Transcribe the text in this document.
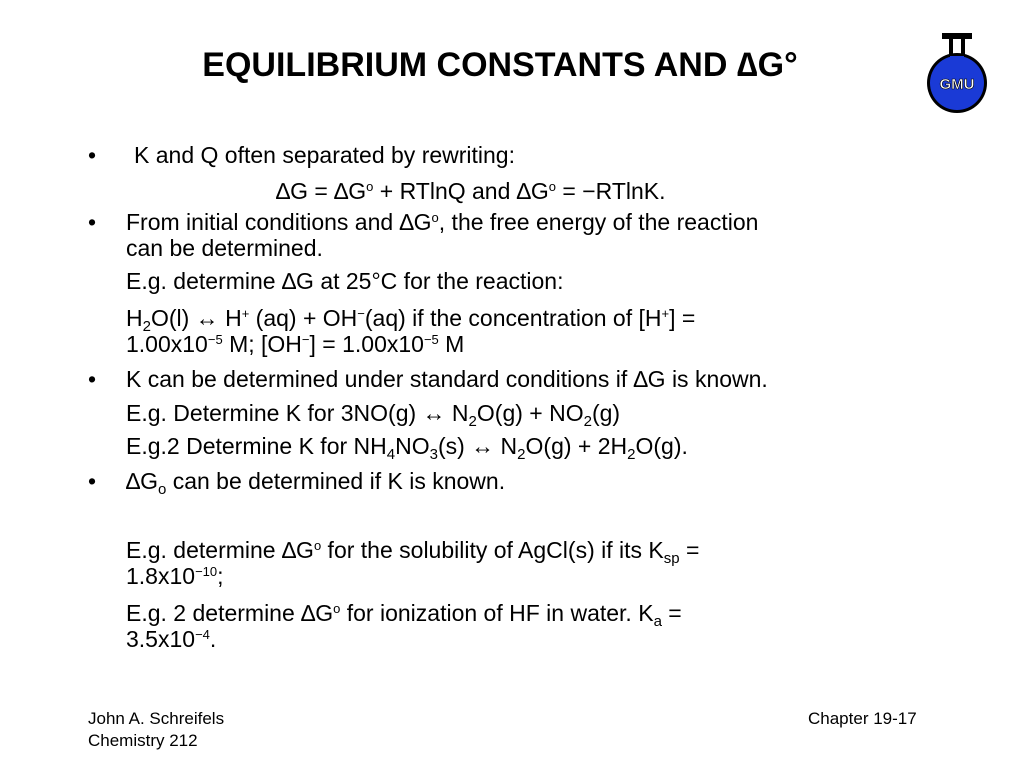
EQUILIBRIUM CONSTANTS AND ∆G°
GMU
•
•
•
•
K and Q often separated by rewriting:
$\Delta G = \Delta G^o + RTlnQ$ and $\Delta G^o = -RTlnK$.
From initial conditions and $\Delta G^o$, the free energy of the reaction
can be determined.
E.g. determine ∆G at 25°C for the reaction:
$H_2O(l)$ ↔ H+ (aq) + OH−(aq) if the concentration of [H+] =
$1.00x10^{-5}$ M; $[OH^-] = 1.00x10^{-5}$ M
K can be determined under standard conditions if ∆G is known.
E.g. Determine K for 3NO(g) ↔ $N_2O(g) + NO_2(g)$
E.g.2 Determine K for $NH_4NO_3(s)$ ↔ $N_2O(g) + 2H_2O(g)$.
$\Delta G_o$ can be determined if K is known.
E.g. determine $\Delta G^o$ for the solubility of AgCl(s) if its $K_{sp}$ =
$1.8x10^{-10}$;
E.g. 2 determine $\Delta G^o$ for ionization of HF in water. $K_a$ =
$3.5x10^{-4}$.
John A. Schreifels
Chemistry 212
Chapter 19-17
